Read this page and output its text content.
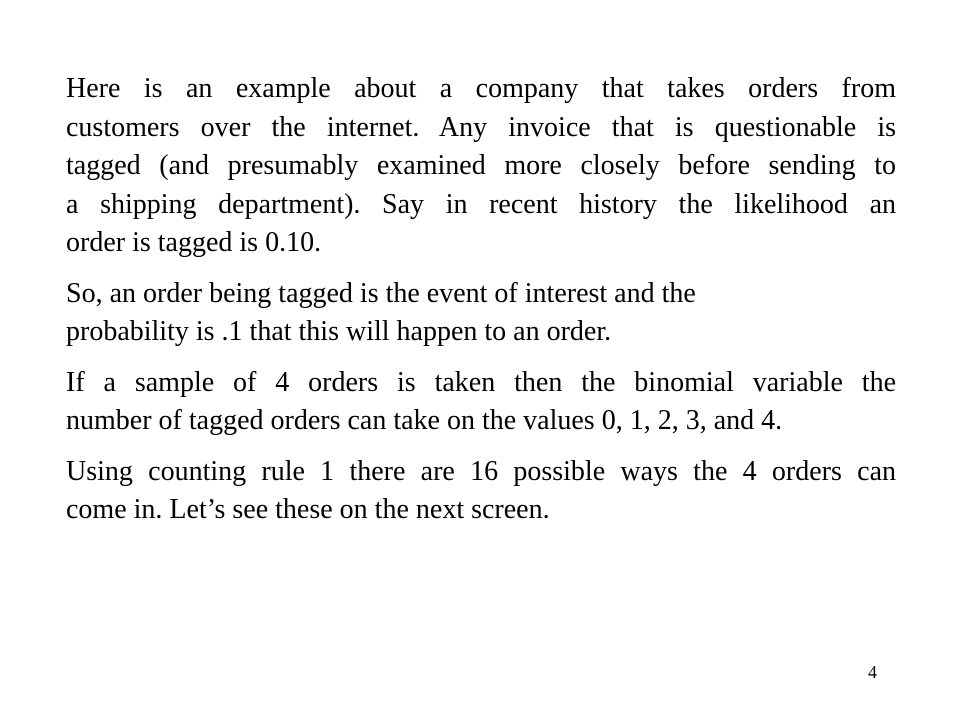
Here is an example about a company that takes orders from
customers over the internet. Any invoice that is questionable is
tagged (and presumably examined more closely before sending to
a shipping department). Say in recent history the likelihood an
order is tagged is 0.10.

So, an order being tagged is the event of interest and the
probability is .1 that this will happen to an order.

If a sample of 4 orders is taken then the binomial variable the
number of tagged orders can take on the values 0, 1, 2, 3, and 4.

Using counting rule 1 there are 16 possible ways the 4 orders can
come in. Let’s see these on the next screen.

4
